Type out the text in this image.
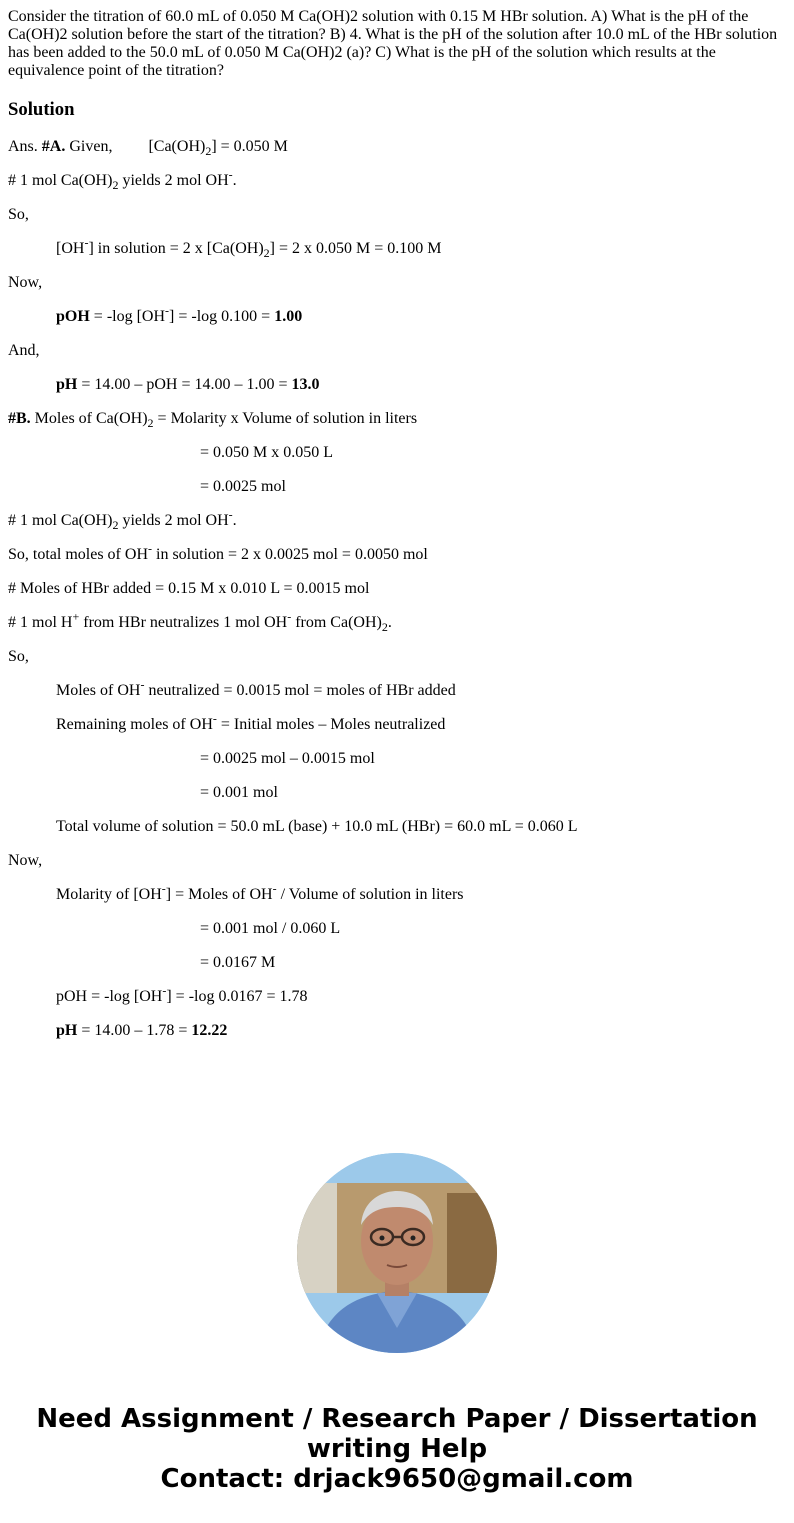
Consider the titration of 60.0 mL of 0.050 M Ca(OH)2 solution with 0.15 M HBr solution. A) What is the pH of the Ca(OH)2 solution before the start of the titration? B) 4. What is the pH of the solution after 10.0 mL of the HBr solution has been added to the 50.0 mL of 0.050 M Ca(OH)2 (a)? C) What is the pH of the solution which results at the equivalence point of the titration?
Solution

Ans. #A. Given, $[Ca(OH)_2] = 0.050$ M

# 1 mol $Ca(OH)_2$ yields 2 mol OH-.

So,

[OH-] in solution = 2 x $[Ca(OH)_2] = 2$ x 0.050 M = 0.100 M

Now,

pOH = -log [OH-] = -log 0.100 = 1.00

And,

pH = 14.00 – pOH = 14.00 – 1.00 = 13.0

#B. Moles of $Ca(OH)_2$ = Molarity x Volume of solution in liters

= 0.050 M x 0.050 L

= 0.0025 mol

# 1 mol $Ca(OH)_2$ yields 2 mol OH-.

So, total moles of OH- in solution = 2 x 0.0025 mol = 0.0050 mol

# Moles of HBr added = 0.15 M x 0.010 L = 0.0015 mol

# 1 mol H+ from HBr neutralizes 1 mol OH- from $Ca(OH)_2$.

So,

Moles of OH- neutralized = 0.0015 mol = moles of HBr added

Remaining moles of OH- = Initial moles – Moles neutralized

= 0.0025 mol – 0.0015 mol

= 0.001 mol

Total volume of solution = 50.0 mL (base) + 10.0 mL (HBr) = 60.0 mL = 0.060 L

Now,

Molarity of [OH-] = Moles of OH- / Volume of solution in liters

= 0.001 mol / 0.060 L

= 0.0167 M

pOH = -log [OH-] = -log 0.0167 = 1.78

pH = 14.00 – 1.78 = 12.22

Need Assignment / Research Paper / Dissertation
writing Help
Contact: drjack9650@gmail.com
